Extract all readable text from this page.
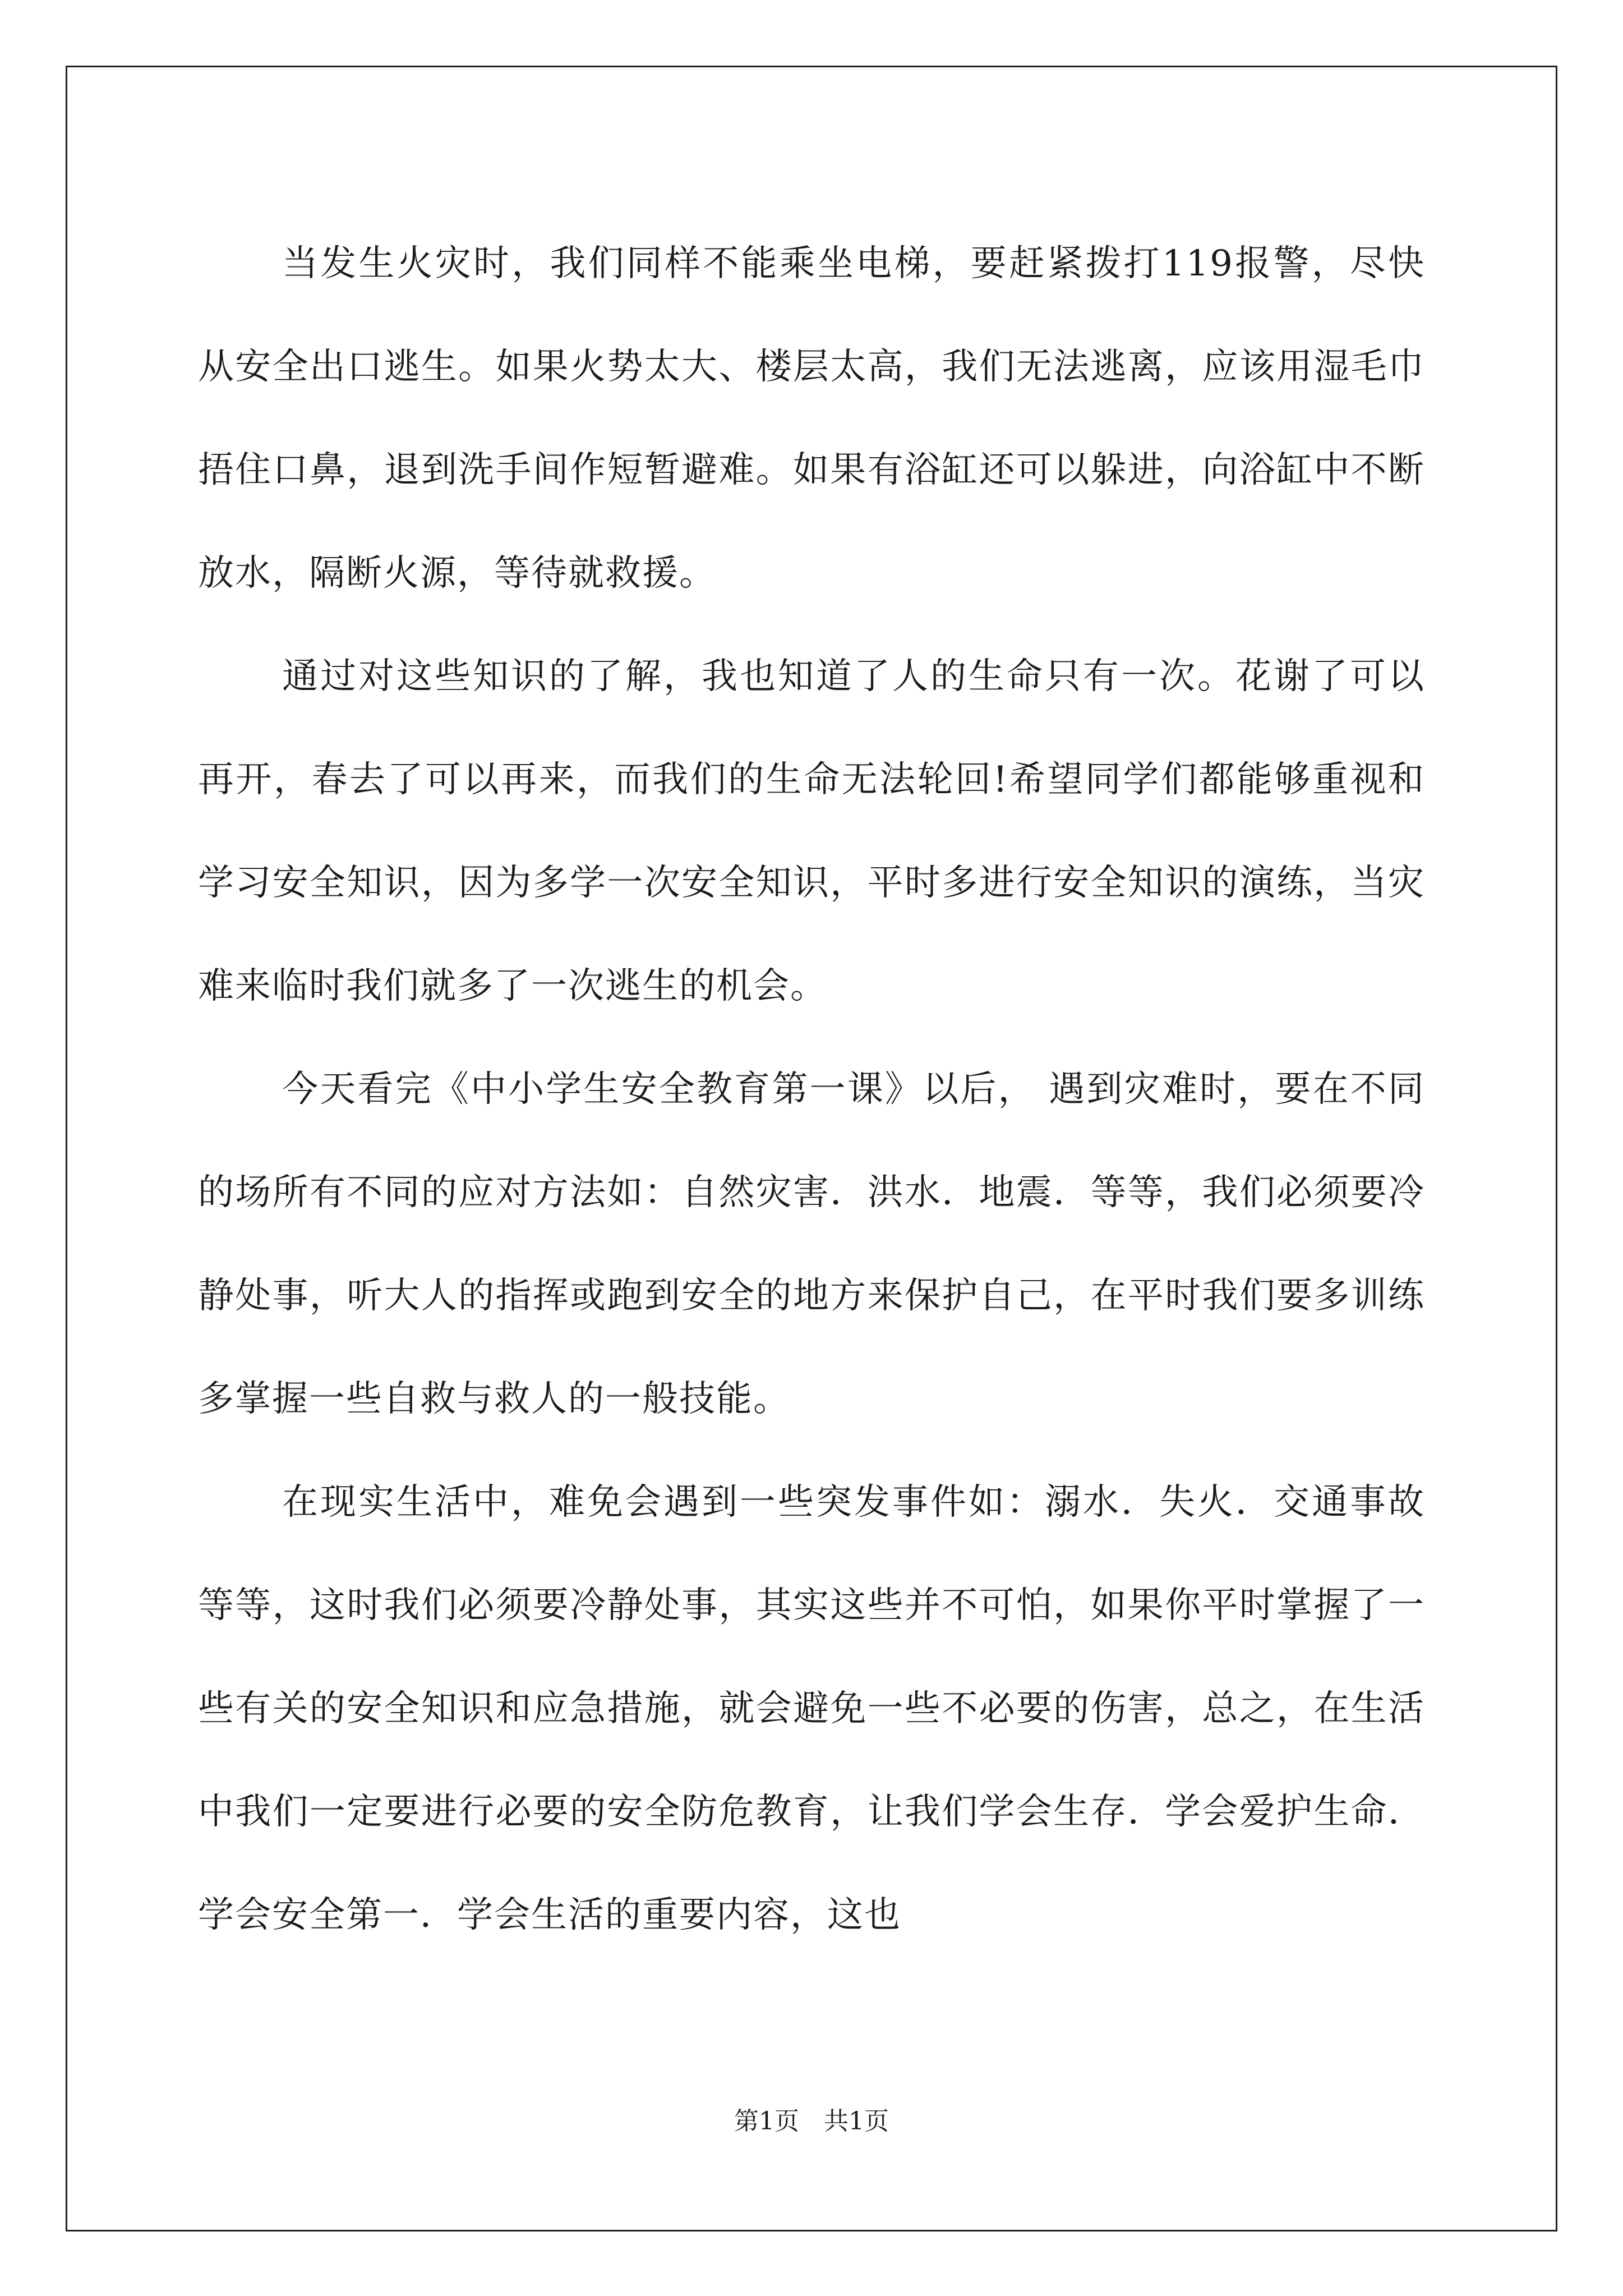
当发生火灾时，我们同样不能乘坐电梯，要赶紧拨打119报警，尽快从安全出口逃生。如果火势太大、楼层太高，我们无法逃离，应该用湿毛巾捂住口鼻，退到洗手间作短暂避难。如果有浴缸还可以躲进，向浴缸中不断放水，隔断火源，等待就救援。

通过对这些知识的了解，我也知道了人的生命只有一次。花谢了可以再开，春去了可以再来，而我们的生命无法轮回!希望同学们都能够重视和学习安全知识，因为多学一次安全知识，平时多进行安全知识的演练，当灾难来临时我们就多了一次逃生的机会。

今天看完《中小学生安全教育第一课》以后， 遇到灾难时，要在不同的场所有不同的应对方法如：自然灾害．洪水．地震．等等，我们必须要冷静处事，听大人的指挥或跑到安全的地方来保护自己，在平时我们要多训练多掌握一些自救与救人的一般技能。

在现实生活中，难免会遇到一些突发事件如：溺水．失火．交通事故等等，这时我们必须要冷静处事，其实这些并不可怕，如果你平时掌握了一些有关的安全知识和应急措施，就会避免一些不必要的伤害，总之，在生活中我们一定要进行必要的安全防危教育，让我们学会生存．学会爱护生命．学会安全第一．学会生活的重要内容，这也

第1页 共1页
